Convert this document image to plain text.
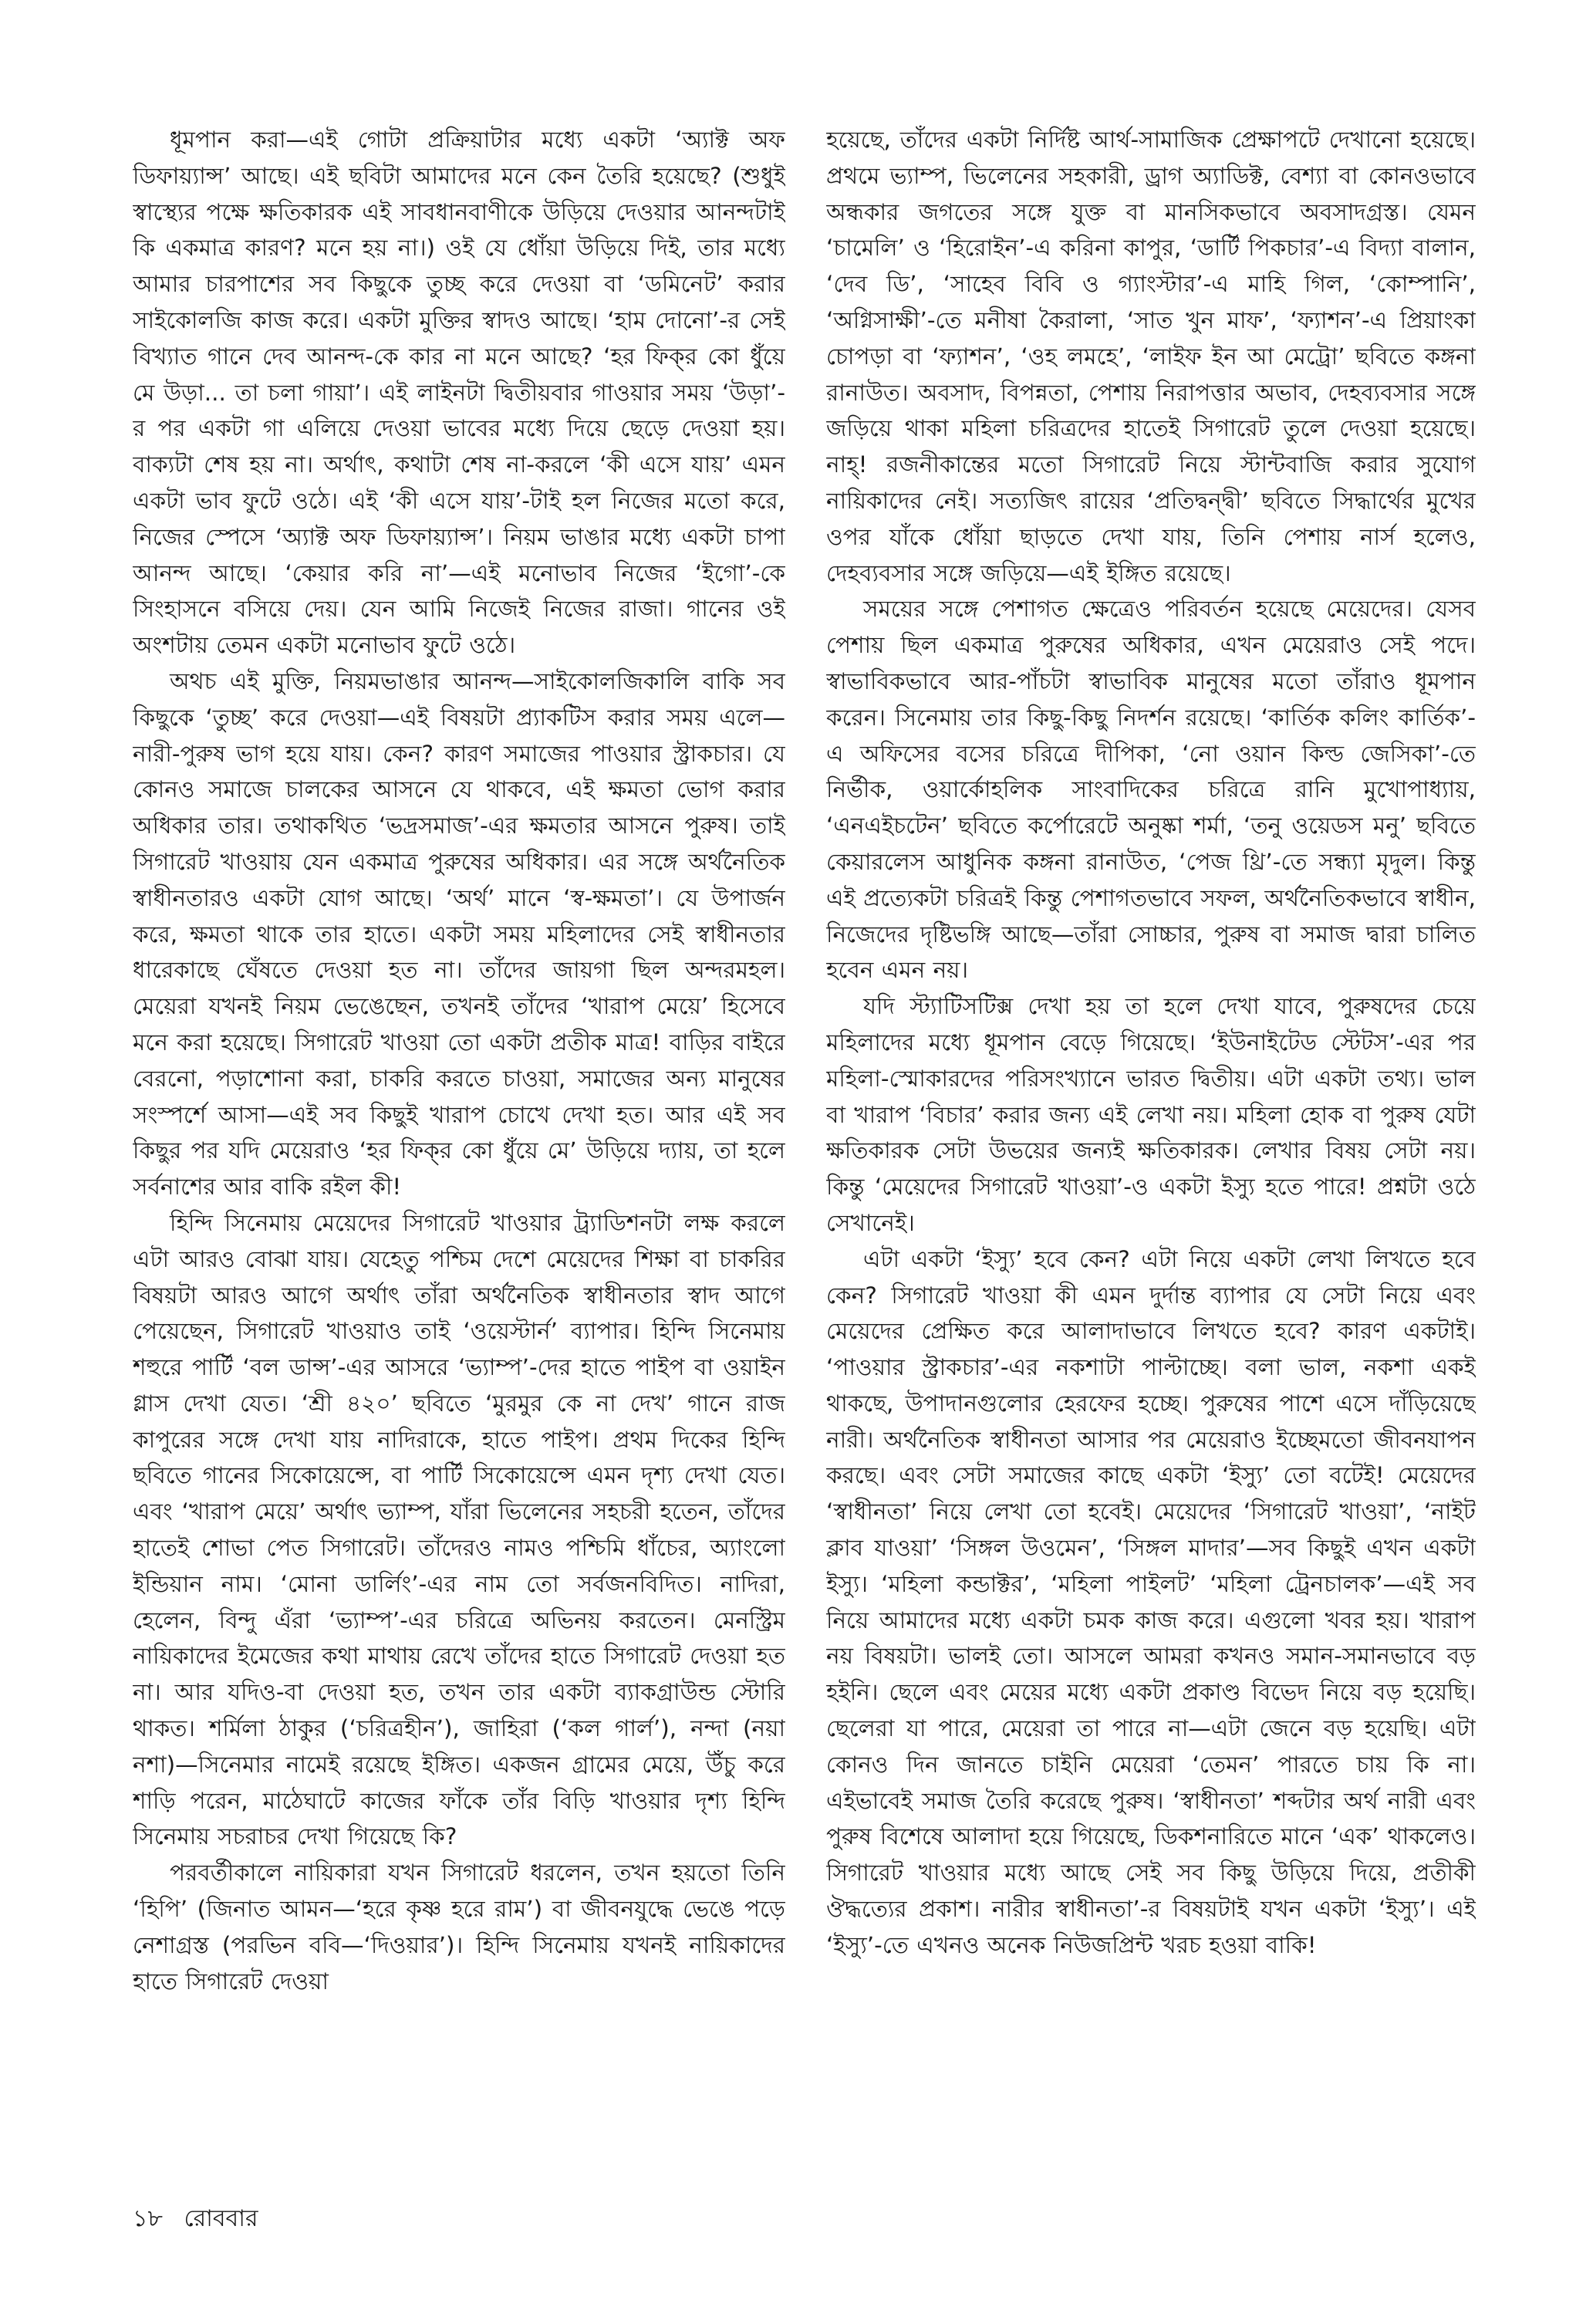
ধূমপান করা—এই গোটা প্রক্রিয়াটার মধ্যে একটা ‘অ্যাক্ট অফ ডিফায়্যান্স’ আছে। এই ছবিটা আমাদের মনে কেন তৈরি হয়েছে? (শুধুই স্বাস্থ্যের পক্ষে ক্ষতিকারক এই সাবধানবাণীকে উড়িয়ে দেওয়ার আনন্দটাই কি একমাত্র কারণ? মনে হয় না।) ওই যে ধোঁয়া উড়িয়ে দিই, তার মধ্যে আমার চারপাশের সব কিছুকে তুচ্ছ করে দেওয়া বা ‘ডমিনেট’ করার সাইকোলজি কাজ করে। একটা মুক্তির স্বাদও আছে। ‘হাম দোনো’-র সেই বিখ্যাত গানে দেব আনন্দ-কে কার না মনে আছে? ‘হর ফিক্‌র কো ধুঁয়ে মে উড়া... তা চলা গায়া’। এই লাইনটা দ্বিতীয়বার গাওয়ার সময় ‘উড়া’-র পর একটা গা এলিয়ে দেওয়া ভাবের মধ্যে দিয়ে ছেড়ে দেওয়া হয়। বাক্যটা শেষ হয় না। অর্থাৎ, কথাটা শেষ না-করলে ‘কী এসে যায়’ এমন একটা ভাব ফুটে ওঠে। এই ‘কী এসে যায়’-টাই হল নিজের মতো করে, নিজের স্পেসে ‘অ্যাক্ট অফ ডিফায়্যান্স’। নিয়ম ভাঙার মধ্যে একটা চাপা আনন্দ আছে। ‘কেয়ার করি না’—এই মনোভাব নিজের ‘ইগো’-কে সিংহাসনে বসিয়ে দেয়। যেন আমি নিজেই নিজের রাজা। গানের ওই অংশটায় তেমন একটা মনোভাব ফুটে ওঠে।

অথচ এই মুক্তি, নিয়মভাঙার আনন্দ—সাইকোলজিকালি বাকি সব কিছুকে ‘তুচ্ছ’ করে দেওয়া—এই বিষয়টা প্র্যাকটিস করার সময় এলে—নারী-পুরুষ ভাগ হয়ে যায়। কেন? কারণ সমাজের পাওয়ার স্ট্রাকচার। যে কোনও সমাজে চালকের আসনে যে থাকবে, এই ক্ষমতা ভোগ করার অধিকার তার। তথাকথিত ‘ভদ্রসমাজ’-এর ক্ষমতার আসনে পুরুষ। তাই সিগারেট খাওয়ায় যেন একমাত্র পুরুষের অধিকার। এর সঙ্গে অর্থনৈতিক স্বাধীনতারও একটা যোগ আছে। ‘অর্থ’ মানে ‘স্ব-ক্ষমতা’। যে উপার্জন করে, ক্ষমতা থাকে তার হাতে। একটা সময় মহিলাদের সেই স্বাধীনতার ধারেকাছে ঘেঁষতে দেওয়া হত না। তাঁদের জায়গা ছিল অন্দরমহল। মেয়েরা যখনই নিয়ম ভেঙেছেন, তখনই তাঁদের ‘খারাপ মেয়ে’ হিসেবে মনে করা হয়েছে। সিগারেট খাওয়া তো একটা প্রতীক মাত্র! বাড়ির বাইরে বেরনো, পড়াশোনা করা, চাকরি করতে চাওয়া, সমাজের অন্য মানুষের সংস্পর্শে আসা—এই সব কিছুই খারাপ চোখে দেখা হত। আর এই সব কিছুর পর যদি মেয়েরাও ‘হর ফিক্‌র কো ধুঁয়ে মে’ উড়িয়ে দ্যায়, তা হলে সর্বনাশের আর বাকি রইল কী!

হিন্দি সিনেমায় মেয়েদের সিগারেট খাওয়ার ট্র্যাডিশনটা লক্ষ করলে এটা আরও বোঝা যায়। যেহেতু পশ্চিম দেশে মেয়েদের শিক্ষা বা চাকরির বিষয়টা আরও আগে অর্থাৎ তাঁরা অর্থনৈতিক স্বাধীনতার স্বাদ আগে পেয়েছেন, সিগারেট খাওয়াও তাই ‘ওয়েস্টার্ন’ ব্যাপার। হিন্দি সিনেমায় শহুরে পার্টি ‘বল ডান্স’-এর আসরে ‘ভ্যাম্প’-দের হাতে পাইপ বা ওয়াইন গ্লাস দেখা যেত। ‘শ্রী ৪২০’ ছবিতে ‘মুরমুর কে না দেখ’ গানে রাজ কাপুরের সঙ্গে দেখা যায় নাদিরাকে, হাতে পাইপ। প্রথম দিকের হিন্দি ছবিতে গানের সিকোয়েন্সে, বা পার্টি সিকোয়েন্সে এমন দৃশ্য দেখা যেত। এবং ‘খারাপ মেয়ে’ অর্থাৎ ভ্যাম্প, যাঁরা ভিলেনের সহচরী হতেন, তাঁদের হাতেই শোভা পেত সিগারেট। তাঁদেরও নামও পশ্চিমি ধাঁচের, অ্যাংলো ইন্ডিয়ান নাম। ‘মোনা ডার্লিং’-এর নাম তো সর্বজনবিদিত। নাদিরা, হেলেন, বিন্দু এঁরা ‘ভ্যাম্প’-এর চরিত্রে অভিনয় করতেন। মেনস্ট্রিম নায়িকাদের ইমেজের কথা মাথায় রেখে তাঁদের হাতে সিগারেট দেওয়া হত না। আর যদিও-বা দেওয়া হত, তখন তার একটা ব্যাকগ্রাউন্ড স্টোরি থাকত। শর্মিলা ঠাকুর (‘চরিত্রহীন’), জাহিরা (‘কল গার্ল’), নন্দা (নয়া নশা)—সিনেমার নামেই রয়েছে ইঙ্গিত। একজন গ্রামের মেয়ে, উঁচু করে শাড়ি পরেন, মাঠেঘাটে কাজের ফাঁকে তাঁর বিড়ি খাওয়ার দৃশ্য হিন্দি সিনেমায় সচরাচর দেখা গিয়েছে কি?

পরবর্তীকালে নায়িকারা যখন সিগারেট ধরলেন, তখন হয়তো তিনি ‘হিপি’ (জিনাত আমন—‘হরে কৃষ্ণ হরে রাম’) বা জীবনযুদ্ধে ভেঙে পড়ে নেশাগ্রস্ত (পরভিন ববি—‘দিওয়ার’)। হিন্দি সিনেমায় যখনই নায়িকাদের হাতে সিগারেট দেওয়া

হয়েছে, তাঁদের একটা নির্দিষ্ট আর্থ-সামাজিক প্রেক্ষাপটে দেখানো হয়েছে। প্রথমে ভ্যাম্প, ভিলেনের সহকারী, ড্রাগ অ্যাডিক্ট, বেশ্যা বা কোনওভাবে অন্ধকার জগতের সঙ্গে যুক্ত বা মানসিকভাবে অবসাদগ্রস্ত। যেমন ‘চামেলি’ ও ‘হিরোইন’-এ করিনা কাপুর, ‘ডার্টি পিকচার’-এ বিদ্যা বালান, ‘দেব ডি’, ‘সাহেব বিবি ও গ্যাংস্টার’-এ মাহি গিল, ‘কোম্পানি’, ‘অগ্নিসাক্ষী’-তে মনীষা কৈরালা, ‘সাত খুন মাফ’, ‘ফ্যাশন’-এ প্রিয়াংকা চোপড়া বা ‘ফ্যাশন’, ‘ওহ লমহে’, ‘লাইফ ইন আ মেট্রো’ ছবিতে কঙ্গনা রানাউত। অবসাদ, বিপন্নতা, পেশায় নিরাপত্তার অভাব, দেহব্যবসার সঙ্গে জড়িয়ে থাকা মহিলা চরিত্রদের হাতেই সিগারেট তুলে দেওয়া হয়েছে। নাহ্‌! রজনীকান্তের মতো সিগারেট নিয়ে স্টান্টবাজি করার সুযোগ নায়িকাদের নেই। সত্যজিৎ রায়ের ‘প্রতিদ্বন্দ্বী’ ছবিতে সিদ্ধার্থের মুখের ওপর যাঁকে ধোঁয়া ছাড়তে দেখা যায়, তিনি পেশায় নার্স হলেও, দেহব্যবসার সঙ্গে জড়িয়ে—এই ইঙ্গিত রয়েছে।

সময়ের সঙ্গে পেশাগত ক্ষেত্রেও পরিবর্তন হয়েছে মেয়েদের। যেসব পেশায় ছিল একমাত্র পুরুষের অধিকার, এখন মেয়েরাও সেই পদে। স্বাভাবিকভাবে আর-পাঁচটা স্বাভাবিক মানুষের মতো তাঁরাও ধূমপান করেন। সিনেমায় তার কিছু-কিছু নিদর্শন রয়েছে। ‘কার্তিক কলিং কার্তিক’-এ অফিসের বসের চরিত্রে দীপিকা, ‘নো ওয়ান কিল্ড জেসিকা’-তে নির্ভীক, ওয়ার্কোহলিক সাংবাদিকের চরিত্রে রানি মুখোপাধ্যায়, ‘এনএইচটেন’ ছবিতে কর্পোরেটে অনুষ্কা শর্মা, ‘তনু ওয়েডস মনু’ ছবিতে কেয়ারলেস আধুনিক কঙ্গনা রানাউত, ‘পেজ থ্রি’-তে সন্ধ্যা মৃদুল। কিন্তু এই প্রত্যেকটা চরিত্রই কিন্তু পেশাগতভাবে সফল, অর্থনৈতিকভাবে স্বাধীন, নিজেদের দৃষ্টিভঙ্গি আছে—তাঁরা সোচ্চার, পুরুষ বা সমাজ দ্বারা চালিত হবেন এমন নয়।

যদি স্ট্যাটিসটিক্স দেখা হয় তা হলে দেখা যাবে, পুরুষদের চেয়ে মহিলাদের মধ্যে ধূমপান বেড়ে গিয়েছে। ‘ইউনাইটেড স্টেটস’-এর পর মহিলা-স্মোকারদের পরিসংখ্যানে ভারত দ্বিতীয়। এটা একটা তথ্য। ভাল বা খারাপ ‘বিচার’ করার জন্য এই লেখা নয়। মহিলা হোক বা পুরুষ যেটা ক্ষতিকারক সেটা উভয়ের জন্যই ক্ষতিকারক। লেখার বিষয় সেটা নয়। কিন্তু ‘মেয়েদের সিগারেট খাওয়া’-ও একটা ইস্যু হতে পারে! প্রশ্নটা ওঠে সেখানেই।

এটা একটা ‘ইস্যু’ হবে কেন? এটা নিয়ে একটা লেখা লিখতে হবে কেন? সিগারেট খাওয়া কী এমন দুর্দান্ত ব্যাপার যে সেটা নিয়ে এবং মেয়েদের প্রেক্ষিত করে আলাদাভাবে লিখতে হবে? কারণ একটাই। ‘পাওয়ার স্ট্রাকচার’-এর নকশাটা পাল্টাচ্ছে। বলা ভাল, নকশা একই থাকছে, উপাদানগুলোর হেরফের হচ্ছে। পুরুষের পাশে এসে দাঁড়িয়েছে নারী। অর্থনৈতিক স্বাধীনতা আসার পর মেয়েরাও ইচ্ছেমতো জীবনযাপন করছে। এবং সেটা সমাজের কাছে একটা ‘ইস্যু’ তো বটেই! মেয়েদের ‘স্বাধীনতা’ নিয়ে লেখা তো হবেই। মেয়েদের ‘সিগারেট খাওয়া’, ‘নাইট ক্লাব যাওয়া’ ‘সিঙ্গল উওমেন’, ‘সিঙ্গল মাদার’—সব কিছুই এখন একটা ইস্যু। ‘মহিলা কন্ডাক্টর’, ‘মহিলা পাইলট’ ‘মহিলা ট্রেনচালক’—এই সব নিয়ে আমাদের মধ্যে একটা চমক কাজ করে। এগুলো খবর হয়। খারাপ নয় বিষয়টা। ভালই তো। আসলে আমরা কখনও সমান-সমানভাবে বড় হইনি। ছেলে এবং মেয়ের মধ্যে একটা প্রকাণ্ড বিভেদ নিয়ে বড় হয়েছি। ছেলেরা যা পারে, মেয়েরা তা পারে না—এটা জেনে বড় হয়েছি। এটা কোনও দিন জানতে চাইনি মেয়েরা ‘তেমন’ পারতে চায় কি না। এইভাবেই সমাজ তৈরি করেছে পুরুষ। ‘স্বাধীনতা’ শব্দটার অর্থ নারী এবং পুরুষ বিশেষে আলাদা হয়ে গিয়েছে, ডিকশনারিতে মানে ‘এক’ থাকলেও। সিগারেট খাওয়ার মধ্যে আছে সেই সব কিছু উড়িয়ে দিয়ে, প্রতীকী ঔদ্ধত্যের প্রকাশ। নারীর স্বাধীনতা’-র বিষয়টাই যখন একটা ‘ইস্যু’। এই ‘ইস্যু’-তে এখনও অনেক নিউজপ্রিন্ট খরচ হওয়া বাকি!

১৮ রোববার
